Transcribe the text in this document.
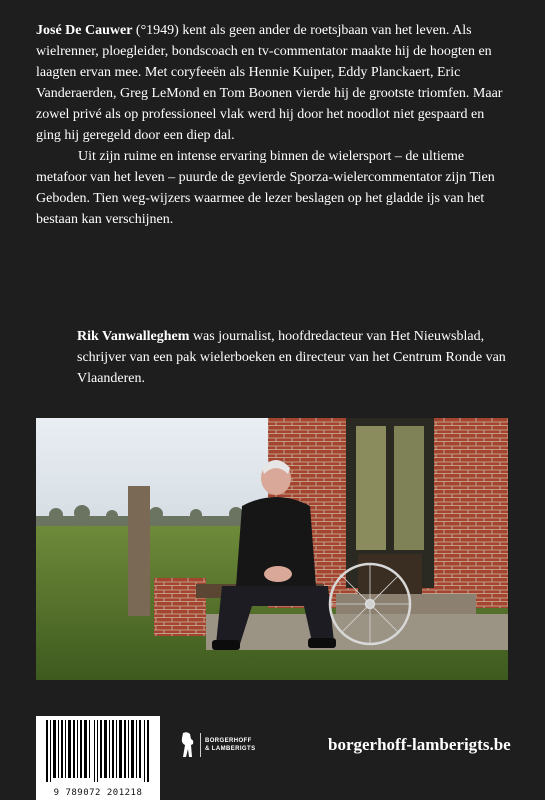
José De Cauwer (°1949) kent als geen ander de roetsjbaan van het leven. Als wielrenner, ploegleider, bondscoach en tv-commentator maakte hij de hoogten en laagten ervan mee. Met coryfeeën als Hennie Kuiper, Eddy Planckaert, Eric Vanderaerden, Greg LeMond en Tom Boonen vierde hij de grootste triomfen. Maar zowel privé als op professioneel vlak werd hij door het noodlot niet gespaard en ging hij geregeld door een diep dal.

Uit zijn ruime en intense ervaring binnen de wielersport – de ultieme metafoor van het leven – puurde de gevierde Sporza-wielercommentator zijn Tien Geboden. Tien weg-wijzers waarmee de lezer beslagen op het gladde ijs van het bestaan kan verschijnen.

Rik Vanwalleghem was journalist, hoofdredacteur van Het Nieuwsblad, schrijver van een pak wielerboeken en directeur van het Centrum Ronde van Vlaanderen.

9 789072 201218
BORGERHOFF
& LAMBERIGTS	borgerhoff-lamberigts.be
